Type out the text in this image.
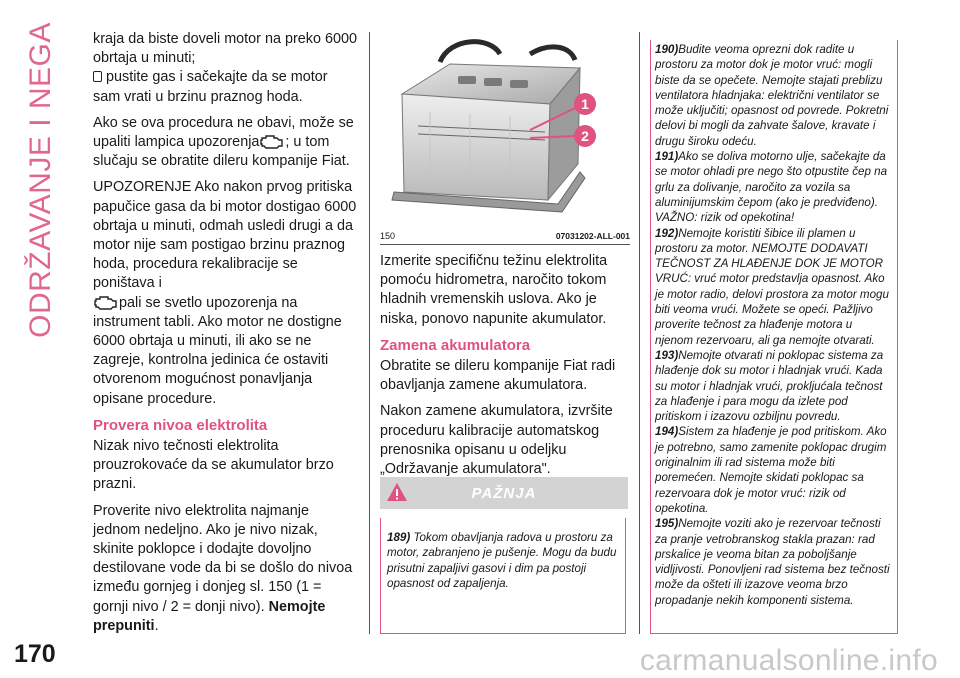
ODRŽAVANJE I NEGA kraja da biste doveli motor na preko 6000 obrtaja u minuti;
pustite gas i sačekajte da se motor sam vrati u brzinu praznog hoda.

Ako se ova procedura ne obavi, može se upaliti lampica upozorenja ; u tom slučaju se obratite dileru kompanije Fiat.

UPOZORENJE Ako nakon prvog pritiska papučice gasa da bi motor dostigao 6000 obrtaja u minuti, odmah usledi drugi a da motor nije sam postigao brzinu praznog hoda, procedura rekalibracije se poništava i

pali se svetlo upozorenja na instrument tabli. Ako motor ne dostigne 6000 obrtaja u minuti, ili ako se ne zagreje, kontrolna jedinica će ostaviti otvorenom mogućnost ponavljanja opisane procedure.

Provera nivoa elektrolita

Nizak nivo tečnosti elektrolita prouzrokovaće da se akumulator brzo prazni.

Proverite nivo elektrolita najmanje jednom nedeljno. Ako je nivo nizak, skinite poklopce i dodajte dovoljno destilovane vode da bi se došlo do nivoa između gornjeg i donjeg sl. 150 (1 = gornji nivo / 2 = donji nivo). Nemojte prepuniti.

1
2
150	07031202-ALL-001

Izmerite specifičnu težinu elektrolita pomoću hidrometra, naročito tokom hladnih vremenskih uslova. Ako je niska, ponovo napunite akumulator.

Zamena akumulatora

Obratite se dileru kompanije Fiat radi obavljanja zamene akumulatora.

Nakon zamene akumulatora, izvršite proceduru kalibracije automatskog prenosnika opisanu u odeljku „Održavanje akumulatora".

PAŽNJA
189) Tokom obavljanja radova u prostoru za motor, zabranjeno je pušenje. Mogu da budu prisutni zapaljivi gasovi i dim pa postoji opasnost od zapaljenja.

190)Budite veoma oprezni dok radite u prostoru za motor dok je motor vruć: mogli biste da se opečete. Nemojte stajati preblizu ventilatora hladnjaka: električni ventilator se može uključiti; opasnost od povrede. Pokretni delovi bi mogli da zahvate šalove, kravate i drugu široku odeću.

191)Ako se doliva motorno ulje, sačekajte da se motor ohladi pre nego što otpustite čep na grlu za dolivanje, naročito za vozila sa aluminijumskim čepom (ako je predviđeno). VAŽNO: rizik od opekotina!

192)Nemojte koristiti šibice ili plamen u prostoru za motor. NEMOJTE DODAVATI TEČNOST ZA HLAĐENJE DOK JE MOTOR VRUĆ: vruć motor predstavlja opasnost. Ako je motor radio, delovi prostora za motor mogu biti veoma vrući. Možete se opeći. Pažljivo proverite tečnost za hlađenje motora u njenom rezervoaru, ali ga nemojte otvarati.

193)Nemojte otvarati ni poklopac sistema za hlađenje dok su motor i hladnjak vrući. Kada su motor i hladnjak vrući, prokljućala tečnost za hlađenje i para mogu da izlete pod pritiskom i izazovu ozbiljnu povredu.

194)Sistem za hlađenje je pod pritiskom. Ako je potrebno, samo zamenite poklopac drugim originalnim ili rad sistema može biti poremećen. Nemojte skidati poklopac sa rezervoara dok je motor vruć: rizik od opekotina.

195)Nemojte voziti ako je rezervoar tečnosti za pranje vetrobranskog stakla prazan: rad prskalice je veoma bitan za poboljšanje vidljivosti. Ponovljeni rad sistema bez tečnosti može da ošteti ili izazove veoma brzo propadanje nekih komponenti sistema.

170	carmanualsonline.info
